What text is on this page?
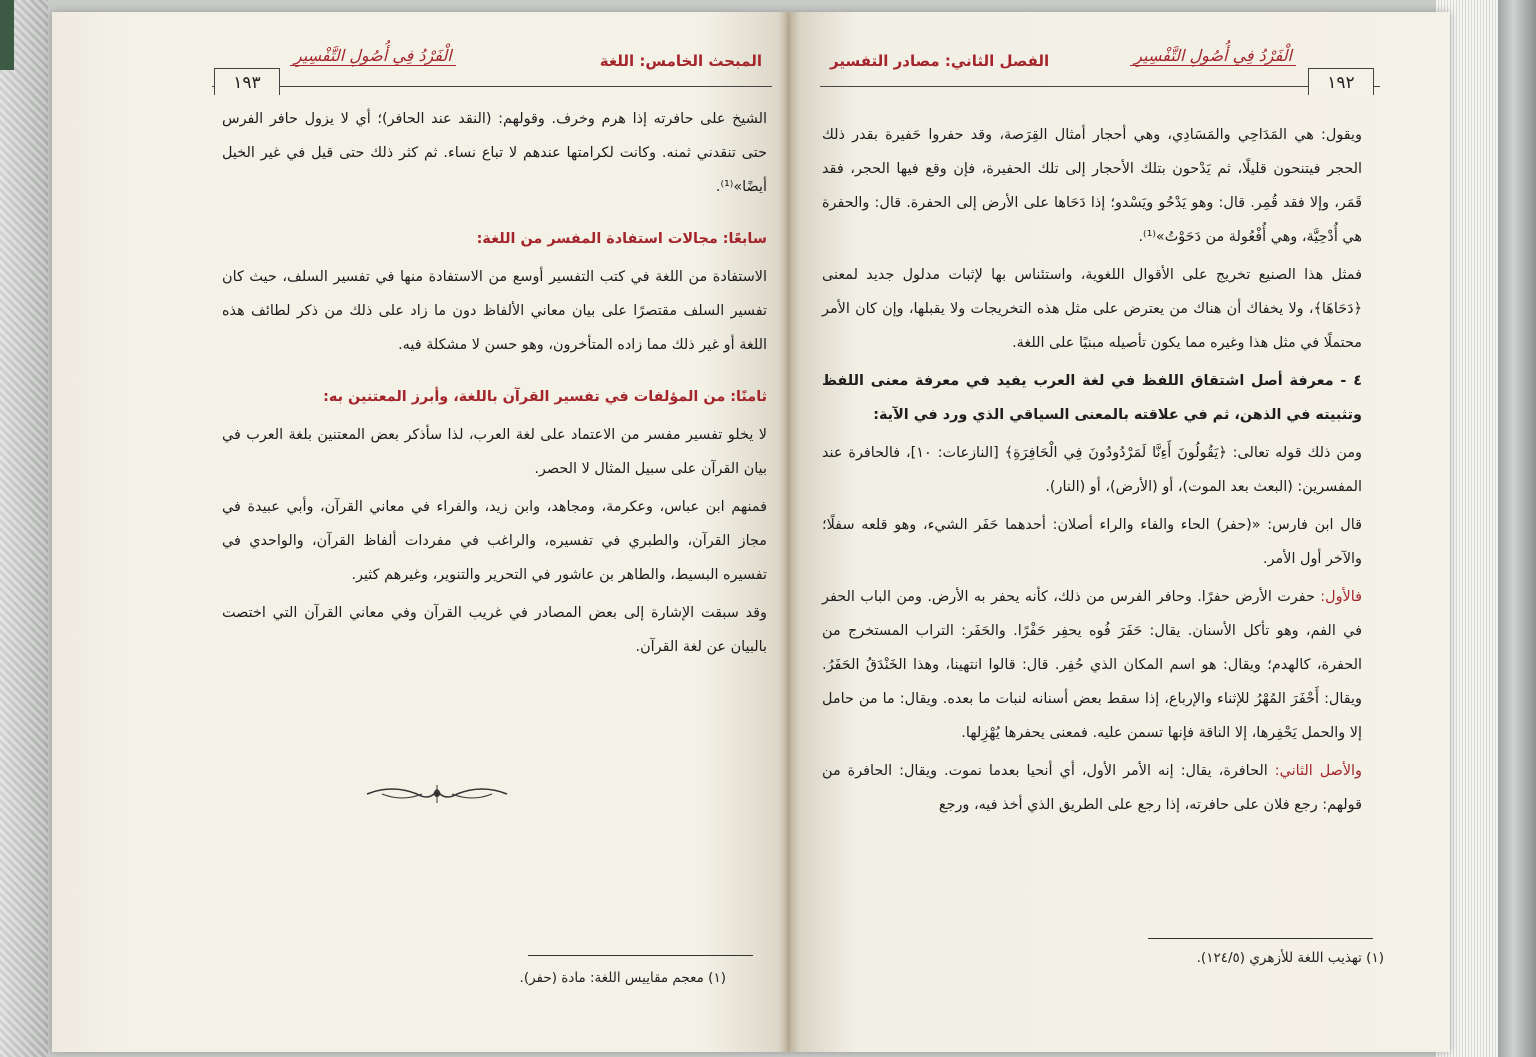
١٩٣
الْفَرْدُ فِي أُصُولِ التَّفْسِيرِ	المبحث الخامس: اللغة

الشيخ على حافرته إذا هرم وخرف. وقولهم: (النقد عند الحافر)؛ أي لا يزول حافر الفرس حتى تنقدني ثمنه. وكانت لكرامتها عندهم لا تباع نساء. ثم كثر ذلك حتى قيل في غير الخيل أيضًا»⁽¹⁾.

سابعًا: مجالات استفادة المفسر من اللغة:

الاستفادة من اللغة في كتب التفسير أوسع من الاستفادة منها في تفسير السلف، حيث كان تفسير السلف مقتصرًا على بيان معاني الألفاظ دون ما زاد على ذلك من ذكر لطائف هذه اللغة أو غير ذلك مما زاده المتأخرون، وهو حسن لا مشكلة فيه.

ثامنًا: من المؤلفات في تفسير القرآن باللغة، وأبرز المعتنين به:

لا يخلو تفسير مفسر من الاعتماد على لغة العرب، لذا سأذكر بعض المعتنين بلغة العرب في بيان القرآن على سبيل المثال لا الحصر.

فمنهم ابن عباس، وعكرمة، ومجاهد، وابن زيد، والفراء في معاني القرآن، وأبي عبيدة في مجاز القرآن، والطبري في تفسيره، والراغب في مفردات ألفاظ القرآن، والواحدي في تفسيره البسيط، والطاهر بن عاشور في التحرير والتنوير، وغيرهم كثير.

وقد سبقت الإشارة إلى بعض المصادر في غريب القرآن وفي معاني القرآن التي اختصت بالبيان عن لغة القرآن.

(١) معجم مقاييس اللغة: مادة (حفر).
١٩٢
الْفَرْدُ فِي أُصُولِ التَّفْسِيرِ
الفصل الثاني: مصادر التفسير

ويقول: هي المَدَاحِي والمَسَادِي، وهي أحجار أمثال القِرَصة، وقد حفروا حَفيرة بقدر ذلك الحجر فيتنحون قليلًا، ثم يَدْحون بتلك الأحجار إلى تلك الحفيرة، فإن وقع فيها الحجر، فقد قَمَر، وإلا فقد قُمِر. قال: وهو يَدْحُو ويَسْدو؛ إذا دَحَاها على الأرض إلى الحفرة. قال: والحفرة هي أُدْحِيَّة، وهي أُفْعُولة من دَحَوْتُ»⁽¹⁾.

فمثل هذا الصنيع تخريج على الأقوال اللغوية، واستئناس بها لإثبات مدلول جديد لمعنى ﴿دَحَاهَا﴾، ولا يخفاك أن هناك من يعترض على مثل هذه التخريجات ولا يقبلها، وإن كان الأمر محتملًا في مثل هذا وغيره مما يكون تأصيله مبنيًا على اللغة.

٤ - معرفة أصل اشتقاق اللفظ في لغة العرب يفيد في معرفة معنى اللفظ وتثبيته في الذهن، ثم في علاقته بالمعنى السياقي الذي ورد في الآية:

ومن ذلك قوله تعالى: ﴿يَقُولُونَ أَءِنَّا لَمَرْدُودُونَ فِي الْحَافِرَةِ﴾ [النازعات: ١٠]، فالحافرة عند المفسرين: (البعث بعد الموت)، أو (الأرض)، أو (النار).

قال ابن فارس: «(حفر) الحاء والفاء والراء أصلان: أحدهما حَفَر الشيء، وهو قلعه سفلًا؛ والآخر أول الأمر.

فالأول: حفرت الأرض حفرًا. وحافر الفرس من ذلك، كأنه يحفر به الأرض. ومن الباب الحفر في الفم، وهو تأكل الأسنان. يقال: حَفَرَ فُوه يحفِر حَفْرًا. والحَفَر: التراب المستخرج من الحفرة، كالهدم؛ ويقال: هو اسم المكان الذي حُفِر. قال: قالوا انتهينا، وهذا الخَنْدَقُ الحَفَرُ. ويقال: أَحْفَرَ المُهْرُ للإثناء والإرباع، إذا سقط بعض أسنانه لنبات ما بعده. ويقال: ما من حامل إلا والحمل يَحْفِرها، إلا الناقة فإنها تسمن عليه. فمعنى يحفرها يُهْزِلها.

والأصل الثاني: الحافرة، يقال: إنه الأمر الأول، أي أنحيا بعدما نموت. ويقال: الحافرة من قولهم: رجع فلان على حافرته، إذا رجع على الطريق الذي أخذ فيه، ورجع

(١) تهذيب اللغة للأزهري (١٢٤/٥).
